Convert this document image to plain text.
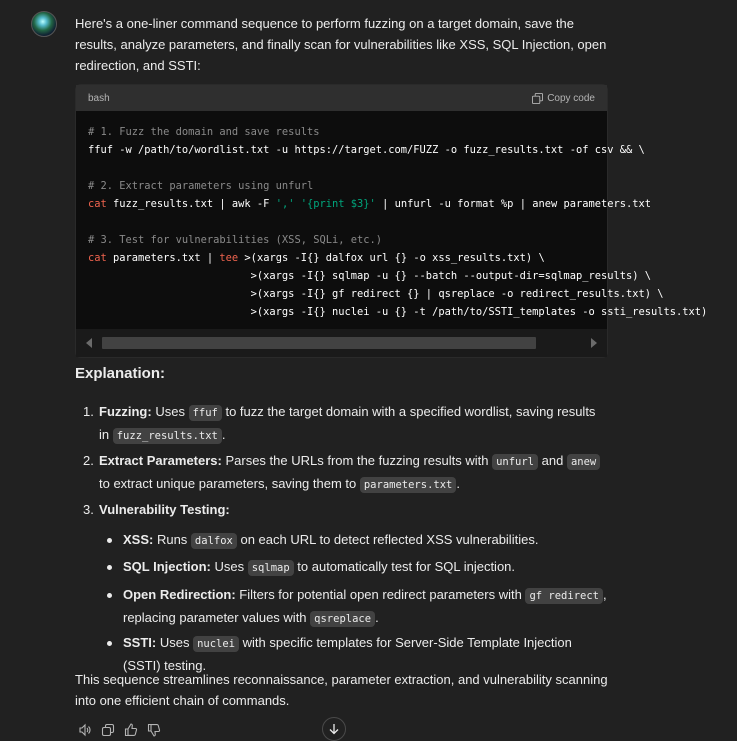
Here's a one-liner command sequence to perform fuzzing on a target domain, save the results, analyze parameters, and finally scan for vulnerabilities like XSS, SQL Injection, open redirection, and SSTI:
bash	Copy code
# 1. Fuzz the domain and save results
ffuf -w /path/to/wordlist.txt -u https://target.com/FUZZ -o fuzz_results.txt -of csv && \

# 2. Extract parameters using unfurl
cat fuzz_results.txt | awk -F ',' '{print $3}' | unfurl -u format %p | anew parameters.txt

# 3. Test for vulnerabilities (XSS, SQLi, etc.)
cat parameters.txt | tee >(xargs -I{} dalfox url {} -o xss_results.txt) \
>(xargs -I{} sqlmap -u {} --batch --output-dir=sqlmap_results) \
>(xargs -I{} gf redirect {} | qsreplace -o redirect_results.txt) \
>(xargs -I{} nuclei -u {} -t /path/to/SSTI_templates -o ssti_results.txt)
Explanation:
1. Fuzzing: Uses ffuf to fuzz the target domain with a specified wordlist, saving results in fuzz_results.txt .
2. Extract Parameters: Parses the URLs from the fuzzing results with unfurl and anew to extract unique parameters, saving them to parameters.txt .
3. Vulnerability Testing:
XSS: Runs dalfox on each URL to detect reflected XSS vulnerabilities.
SQL Injection: Uses sqlmap to automatically test for SQL injection.
Open Redirection: Filters for potential open redirect parameters with gf redirect , replacing parameter values with qsreplace .
SSTI: Uses nuclei with specific templates for Server-Side Template Injection (SSTI) testing.
This sequence streamlines reconnaissance, parameter extraction, and vulnerability scanning into one efficient chain of commands.
